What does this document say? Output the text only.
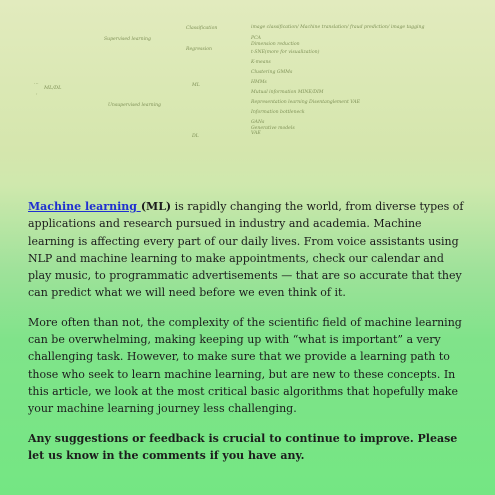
…
ML/DL
,
Supervised learning
Unsupervised learning
Classification
Regression
ML
DL
image classification/ Machine translation/ fraud prediction/ image tagging
PCA
Dimension reduction
t-SNE(more for visualization)
K-means
Clustering GMMs
HMMs
Mutual information MINE/DIM
Representation learning Disentanglement VAE
Information bottleneck
GANs
Generative models
VAE

Machine learning (ML) is rapidly changing the world, from diverse types of applications and research pursued in industry and academia. Machine learning is affecting every part of our daily lives. From voice assistants using NLP and machine learning to make appointments, check our calendar and play music, to programmatic advertisements — that are so accurate that they can predict what we will need before we even think of it.

More often than not, the complexity of the scientific field of machine learning can be overwhelming, making keeping up with “what is important” a very challenging task. However, to make sure that we provide a learning path to those who seek to learn machine learning, but are new to these concepts. In this article, we look at the most critical basic algorithms that hopefully make your machine learning journey less challenging.

Any suggestions or feedback is crucial to continue to improve. Please let us know in the comments if you have any.
